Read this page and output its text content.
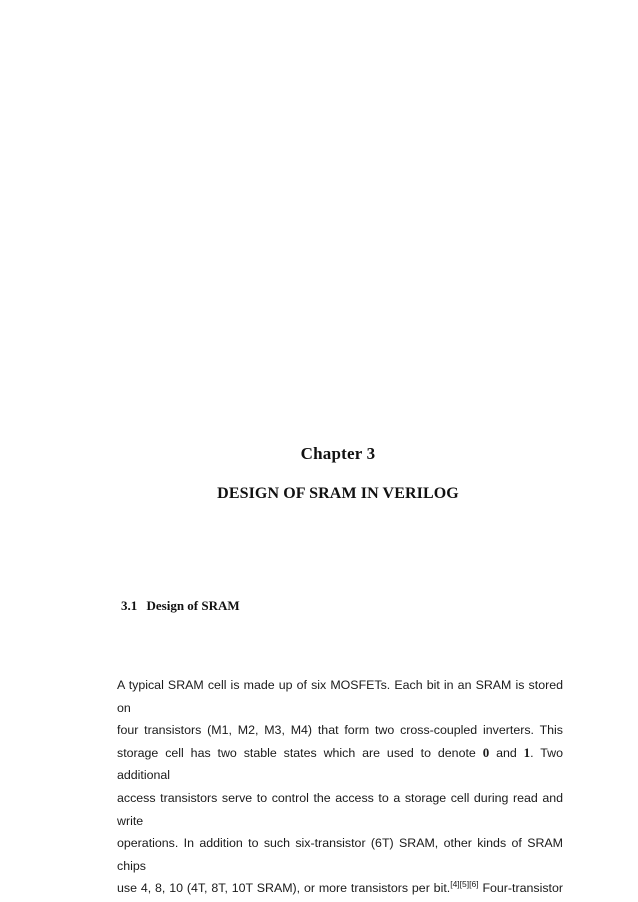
Chapter 3
DESIGN OF SRAM IN VERILOG
3.1 Design of SRAM
A typical SRAM cell is made up of six MOSFETs. Each bit in an SRAM is stored on
four transistors (M1, M2, M3, M4) that form two cross-coupled inverters. This
storage cell has two stable states which are used to denote 0 and 1. Two additional
access transistors serve to control the access to a storage cell during read and write
operations. In addition to such six-transistor (6T) SRAM, other kinds of SRAM chips
use 4, 8, 10 (4T, 8T, 10T SRAM), or more transistors per bit.[4][5][6] Four-transistor
